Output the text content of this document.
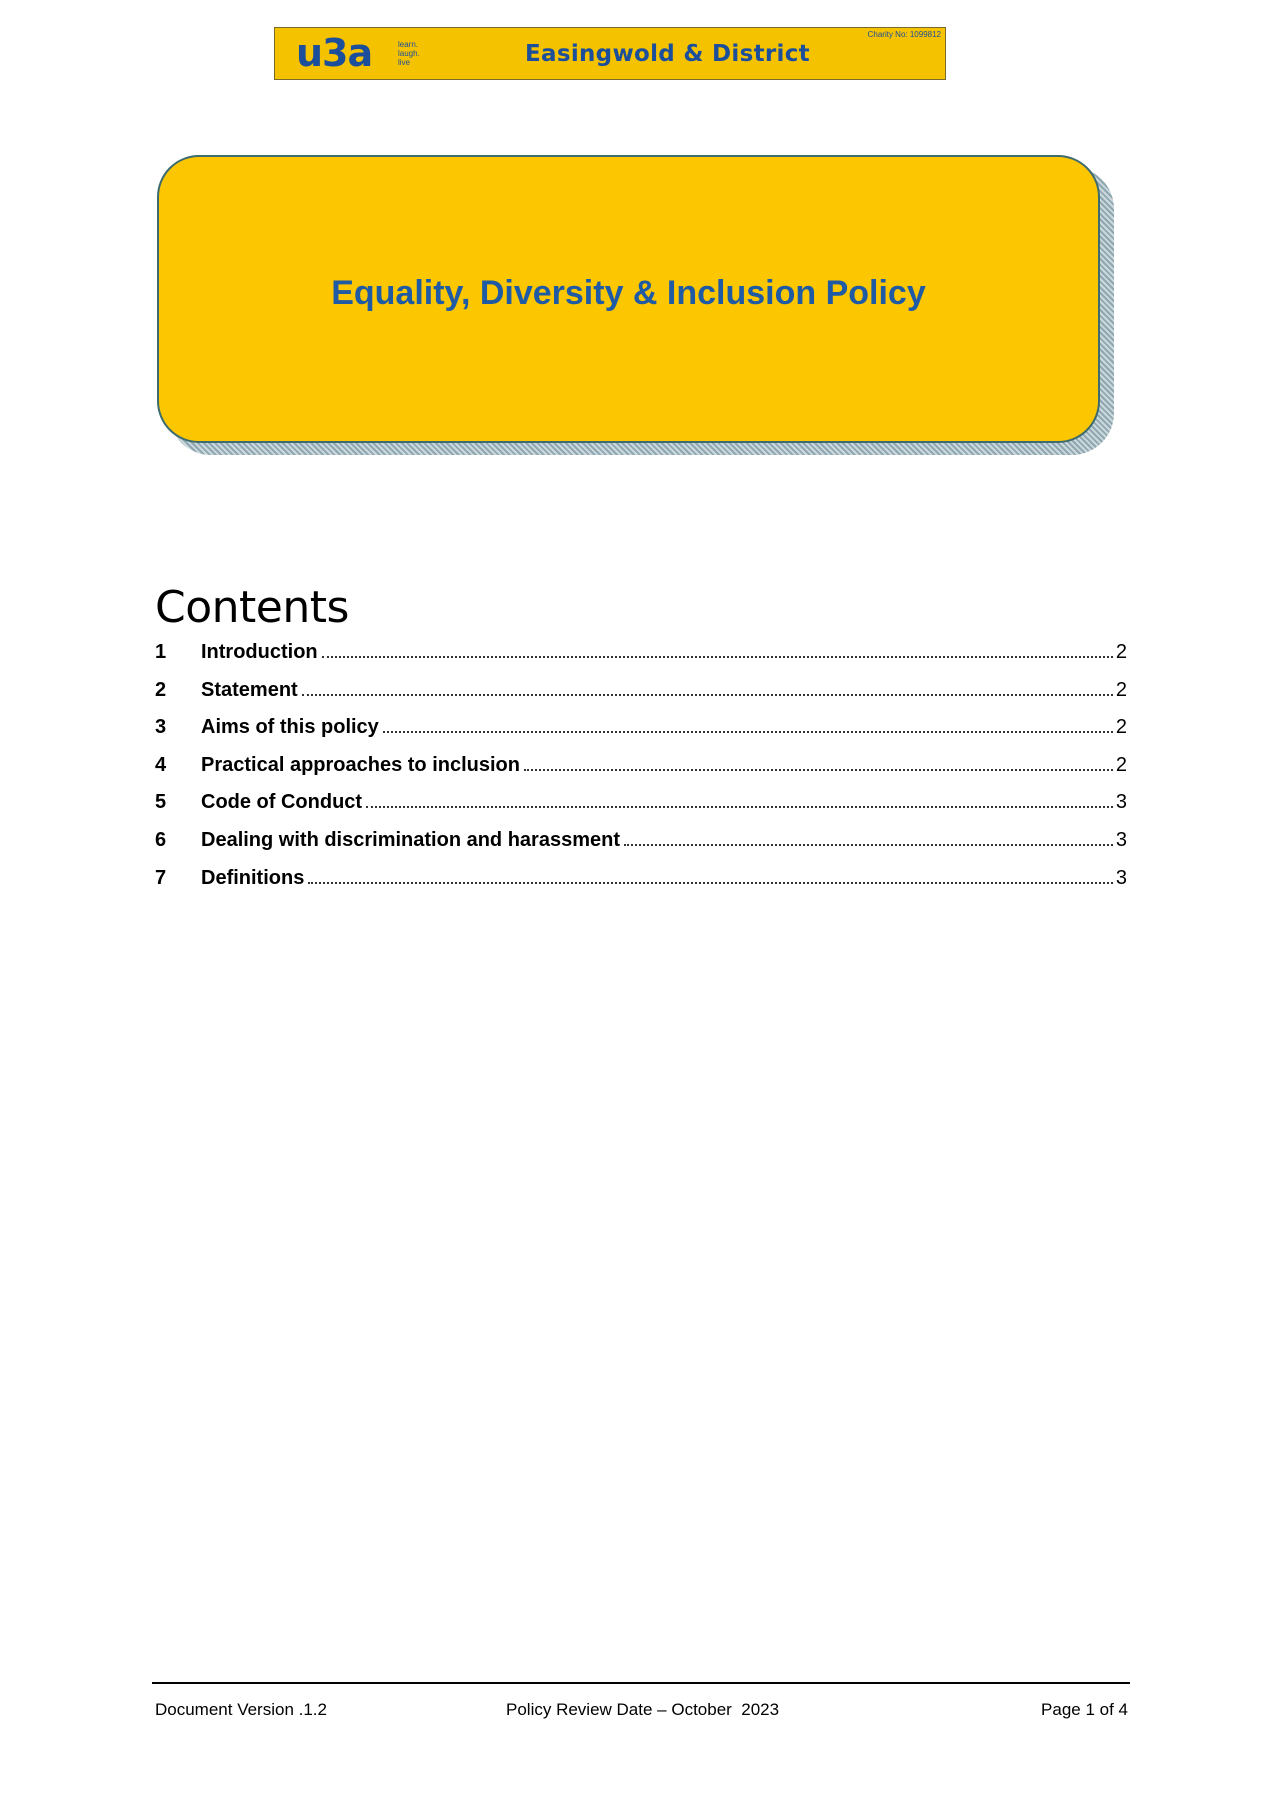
u3a	learn.
laugh.
live	Easingwold & District
Charity No: 1099812
Equality, Diversity & Inclusion Policy
Contents
1	Introduction	2
2	Statement	2
3	Aims of this policy	2
4	Practical approaches to inclusion	2
5	Code of Conduct	3
6	Dealing with discrimination and harassment	3
7	Definitions	3
Document Version .1.2	Policy Review Date – October  2023	Page 1 of 4
